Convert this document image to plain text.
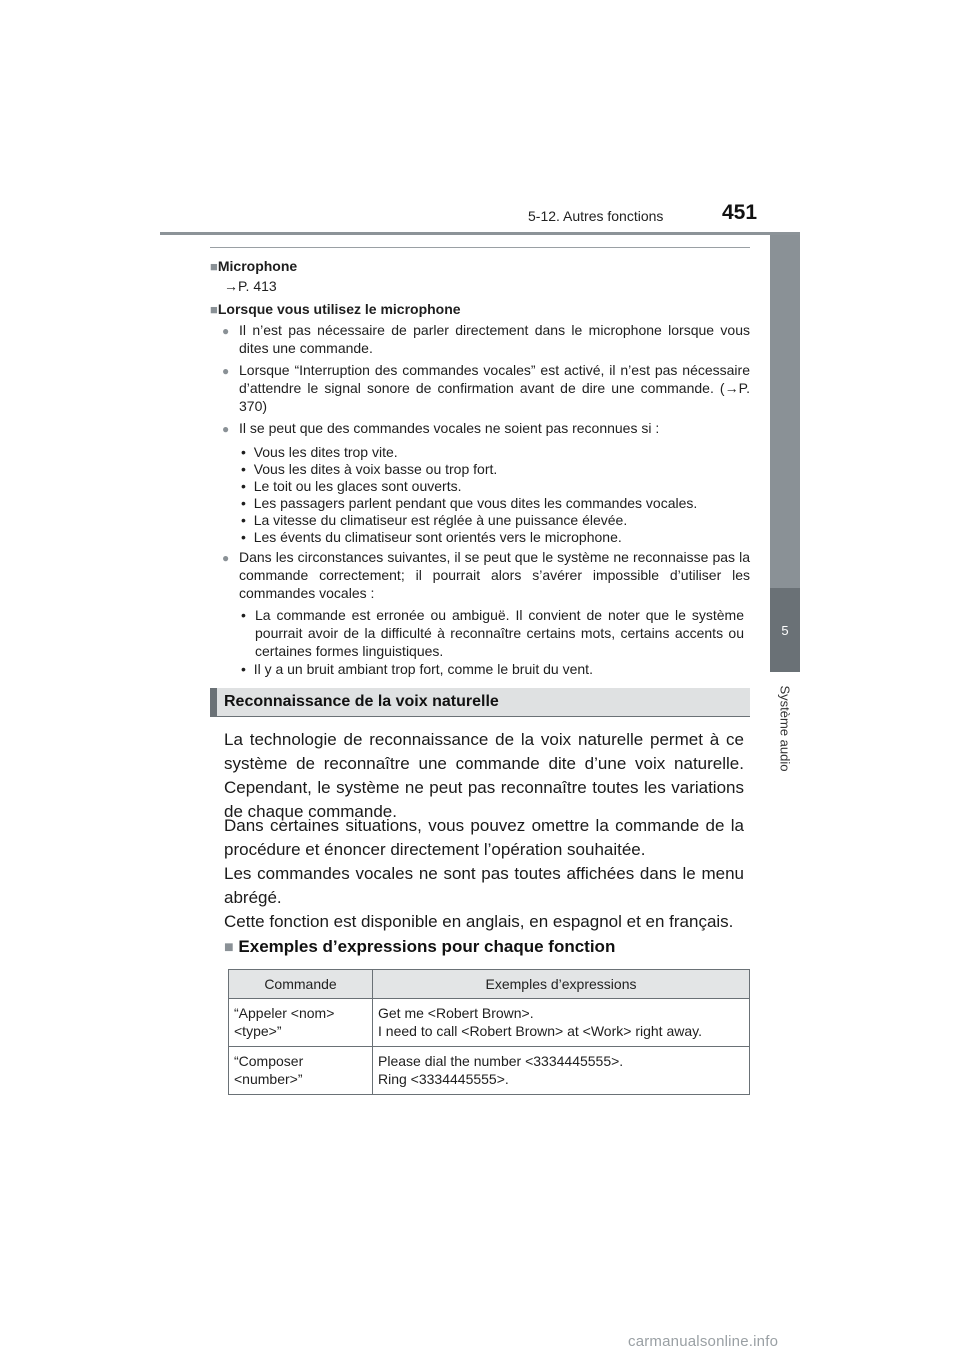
5-12. Autres fonctions	451
5
Système audio
■Microphone
→P. 413
■Lorsque vous utilisez le microphone
● Il n’est pas nécessaire de parler directement dans le microphone lorsque vous dites une commande.
● Lorsque “Interruption des commandes vocales” est activé, il n’est pas nécessaire d’attendre le signal sonore de confirmation avant de dire une commande. (→P. 370)
● Il se peut que des commandes vocales ne soient pas reconnues si :
•  Vous les dites trop vite.
•  Vous les dites à voix basse ou trop fort.
•  Le toit ou les glaces sont ouverts.
•  Les passagers parlent pendant que vous dites les commandes vocales.
•  La vitesse du climatiseur est réglée à une puissance élevée.
•  Les évents du climatiseur sont orientés vers le microphone.
● Dans les circonstances suivantes, il se peut que le système ne reconnaisse pas la commande correctement; il pourrait alors s’avérer impossible d’utiliser les commandes vocales :
• La commande est erronée ou ambiguë. Il convient de noter que le système pourrait avoir de la difficulté à reconnaître certains mots, certains accents ou certaines formes linguistiques.
•  Il y a un bruit ambiant trop fort, comme le bruit du vent.
Reconnaissance de la voix naturelle
La technologie de reconnaissance de la voix naturelle permet à ce système de reconnaître une commande dite d’une voix naturelle. Cependant, le système ne peut pas reconnaître toutes les variations de chaque commande.
Dans certaines situations, vous pouvez omettre la commande de la procédure et énoncer directement l’opération souhaitée.
Les commandes vocales ne sont pas toutes affichées dans le menu abrégé.
Cette fonction est disponible en anglais, en espagnol et en français.
■ Exemples d’expressions pour chaque fonction
Commande	Exemples d’expressions
“Appeler <nom> <type>”	Get me <Robert Brown>.
I need to call <Robert Brown> at <Work> right away.

“Composer <number>”	Please dial the number <3334445555>.
Ring <3334445555>.
carmanualsonline.info
